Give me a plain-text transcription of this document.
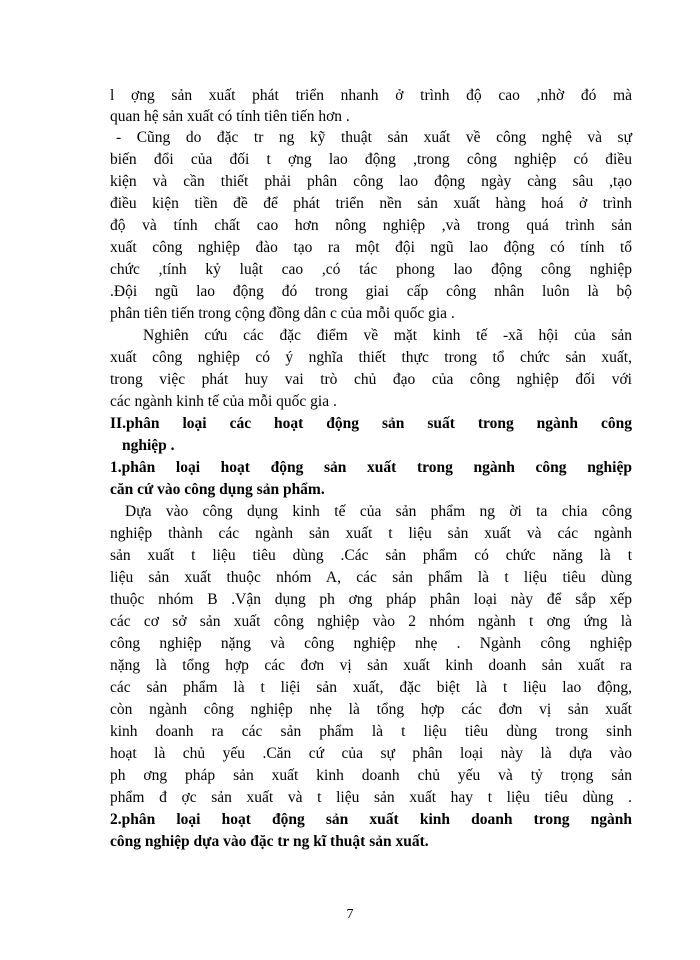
l ợng sản xuất phát triển nhanh ở trình độ cao ,nhờ đó mà
quan hệ sản xuất có tính tiên tiến hơn .
- Cũng do đặc tr ng kỹ thuật sản xuất về công nghệ và sự
biến đổi của đối t ợng lao động ,trong công nghiệp có điều
kiện và cần thiết phải phân công lao động ngày càng sâu ,tạo
điều kiện tiền đề để phát triển nền sản xuất hàng hoá ở trình
độ và tính chất cao hơn nông nghiệp ,và trong quá trình sản
xuất công nghiệp đào tạo ra một đội ngũ lao động có tính tổ
chức ,tính kỷ luật cao ,có tác phong lao động công nghiệp
.Đội ngũ lao động đó trong giai cấp công nhân luôn là bộ
phân tiên tiến trong cộng đồng dân c của mỗi quốc gia .
Nghiên cứu các đặc điểm về mặt kinh tế -xã hội của sản
xuất công nghiệp có ý nghĩa thiết thực trong tổ chức sản xuất,
trong việc phát huy vai trò chủ đạo của công nghiệp đối với
các ngành kinh tế của mỗi quốc gia .
II.phân loại các hoạt động sản suất trong ngành công
nghiệp .
1.phân loại hoạt động sản xuất trong ngành công nghiệp
căn cứ vào công dụng sản phẩm.
Dựa vào công dụng kinh tế của sản phẩm ng ời ta chia công
nghiệp thành các ngành sản xuất t liệu sản xuất và các ngành
sản xuất t liệu tiêu dùng .Các sản phẩm có chức năng là t
liệu sản xuất thuộc nhóm A, các sản phẩm là t liệu tiêu dùng
thuộc nhóm B .Vận dụng ph ơng pháp phân loại này để sắp xếp
các cơ sở sản xuất công nghiệp vào 2 nhóm ngành t ơng ứng là
công nghiệp nặng và công nghiệp nhẹ . Ngành công nghiệp
nặng là tổng hợp các đơn vị sản xuất kinh doanh sản xuất ra
các sản phẩm là t liệi sản xuất, đặc biệt là t liệu lao động,
còn ngành công nghiệp nhẹ là tổng hợp các đơn vị sản xuất
kinh doanh ra các sản phẩm là t liệu tiêu dùng trong sinh
hoạt là chủ yếu .Căn cứ của sự phân loại này là dựa vào
ph ơng pháp sản xuất kinh doanh chủ yếu và tỷ trọng sản
phẩm đ ợc sản xuất và t liệu sản xuất hay t liệu tiêu dùng .
2.phân loại hoạt động sản xuất kinh doanh trong ngành
công nghiệp dựa vào đặc tr ng kĩ thuật sản xuất.
7
